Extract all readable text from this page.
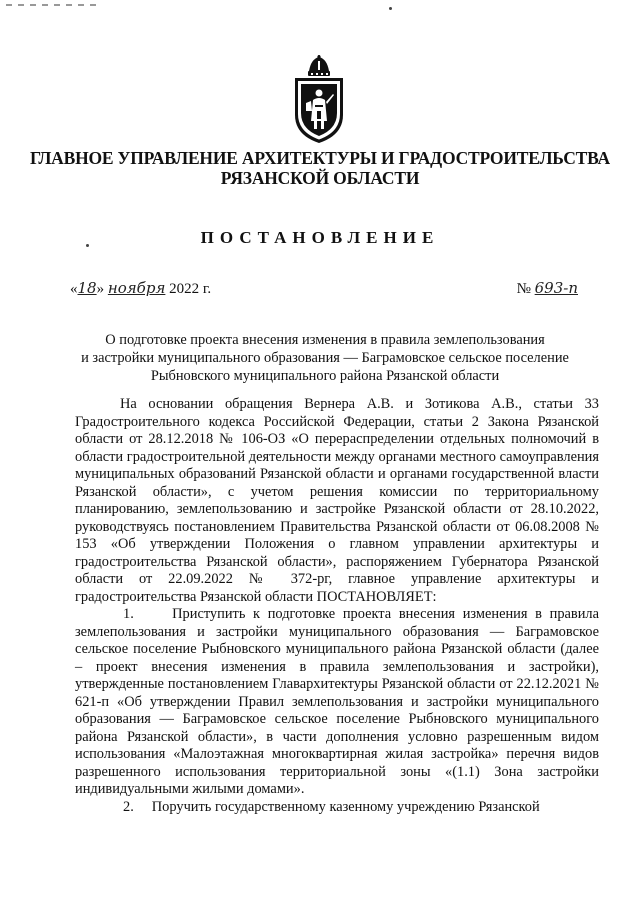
ГЛАВНОЕ УПРАВЛЕНИЕ АРХИТЕКТУРЫ И ГРАДОСТРОИТЕЛЬСТВА
РЯЗАНСКОЙ ОБЛАСТИ
ПОСТАНОВЛЕНИЕ
«18» ноября 2022 г.	№ 693-п
О подготовке проекта внесения изменения в правила землепользования
и застройки муниципального образования — Баграмовское сельское поселение
Рыбновского муниципального района Рязанской области

На основании обращения Вернера А.В. и Зотикова А.В., статьи 33 Градостроительного кодекса Российской Федерации, статьи 2 Закона Рязанской области от 28.12.2018 № 106-ОЗ «О перераспределении отдельных полномочий в области градостроительной деятельности между органами местного самоуправления муниципальных образований Рязанской области и органами государственной власти Рязанской области», с учетом решения комиссии по территориальному планированию, землепользованию и застройке Рязанской области от 28.10.2022, руководствуясь постановлением Правительства Рязанской области от 06.08.2008 № 153 «Об утверждении Положения о главном управлении архитектуры и градостроительства Рязанской области», распоряжением Губернатора Рязанской области от 22.09.2022 № 372-рг, главное управление архитектуры и градостроительства Рязанской области ПОСТАНОВЛЯЕТ:

1.     Приступить к подготовке проекта внесения изменения в правила землепользования и застройки муниципального образования — Баграмовское сельское поселение Рыбновского муниципального района Рязанской области (далее – проект внесения изменения в правила землепользования и застройки), утвержденные постановлением Главархитектуры Рязанской области от 22.12.2021 № 621-п «Об утверждении Правил землепользования и застройки муниципального образования — Баграмовское сельское поселение Рыбновского муниципального района Рязанской области», в части дополнения условно разрешенным видом использования «Малоэтажная многоквартирная жилая застройка» перечня видов разрешенного использования территориальной зоны «(1.1) Зона застройки индивидуальными жилыми домами».

2.     Поручить государственному казенному учреждению Рязанской
